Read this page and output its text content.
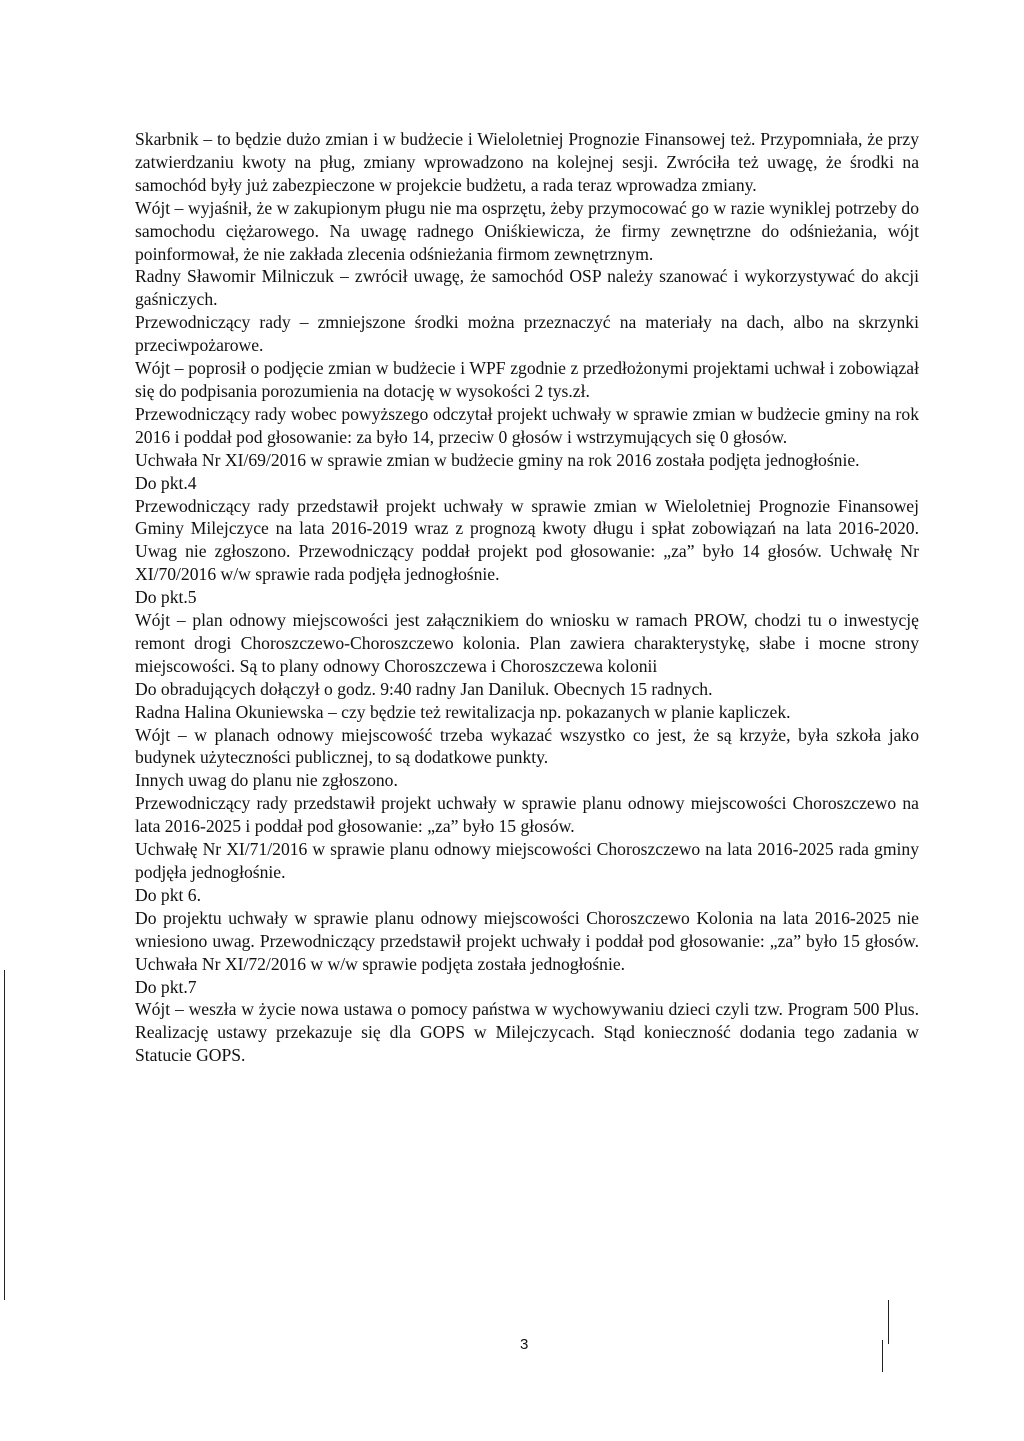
Skarbnik – to będzie dużo zmian i w budżecie i Wieloletniej Prognozie Finansowej też. Przypomniała, że przy zatwierdzaniu kwoty na pług, zmiany wprowadzono na kolejnej sesji. Zwróciła też uwagę, że środki na samochód były już zabezpieczone w projekcie budżetu, a rada teraz wprowadza zmiany.

Wójt – wyjaśnił, że w zakupionym pługu nie ma osprzętu, żeby przymocować go w razie wyniklej potrzeby do samochodu ciężarowego. Na uwagę radnego Oniśkiewicza, że firmy zewnętrzne do odśnieżania, wójt poinformował, że nie zakłada zlecenia odśnieżania firmom zewnętrznym.

Radny Sławomir Milniczuk – zwrócił uwagę, że samochód OSP należy szanować i wykorzystywać do akcji gaśniczych.

Przewodniczący rady – zmniejszone środki można przeznaczyć na materiały na dach, albo na skrzynki przeciwpożarowe.

Wójt – poprosił o podjęcie zmian w budżecie i WPF zgodnie z przedłożonymi projektami uchwał i zobowiązał się do podpisania porozumienia na dotację w wysokości 2 tys.zł.

Przewodniczący rady wobec powyższego odczytał projekt uchwały w sprawie zmian w budżecie gminy na rok 2016 i poddał pod głosowanie: za było 14, przeciw 0 głosów i wstrzymujących się 0 głosów.

Uchwała Nr XI/69/2016 w sprawie zmian w budżecie gminy na rok 2016 została podjęta jednogłośnie.

Do pkt.4

Przewodniczący rady przedstawił projekt uchwały w sprawie zmian w Wieloletniej Prognozie Finansowej Gminy Milejczyce na lata 2016-2019 wraz z prognozą kwoty długu i spłat zobowiązań na lata 2016-2020. Uwag nie zgłoszono. Przewodniczący poddał projekt pod głosowanie: „za” było 14 głosów. Uchwałę Nr XI/70/2016 w/w sprawie rada podjęła jednogłośnie.

Do pkt.5

Wójt – plan odnowy miejscowości jest załącznikiem do wniosku w ramach PROW, chodzi tu o inwestycję remont drogi Choroszczewo-Choroszczewo kolonia. Plan zawiera charakterystykę, słabe i mocne strony miejscowości. Są to plany odnowy Choroszczewa i Choroszczewa kolonii

Do obradujących dołączył o godz. 9:40 radny Jan Daniluk. Obecnych 15 radnych.

Radna Halina Okuniewska – czy będzie też rewitalizacja np. pokazanych w planie kapliczek.

Wójt – w planach odnowy miejscowość trzeba wykazać wszystko co jest, że są krzyże, była szkoła jako budynek użyteczności publicznej, to są dodatkowe punkty.

Innych uwag do planu nie zgłoszono.

Przewodniczący rady przedstawił projekt uchwały w sprawie planu odnowy miejscowości Choroszczewo na lata 2016-2025 i poddał pod głosowanie: „za” było 15 głosów.

Uchwałę Nr XI/71/2016 w sprawie planu odnowy miejscowości Choroszczewo na lata 2016-2025 rada gminy podjęła jednogłośnie.

Do pkt 6.

Do projektu uchwały w sprawie planu odnowy miejscowości Choroszczewo Kolonia na lata 2016-2025 nie wniesiono uwag. Przewodniczący przedstawił projekt uchwały i poddał pod głosowanie: „za” było 15 głosów. Uchwała Nr XI/72/2016 w w/w sprawie podjęta została jednogłośnie.

Do pkt.7

Wójt – weszła w życie nowa ustawa o pomocy państwa w wychowywaniu dzieci czyli tzw. Program 500 Plus. Realizację ustawy przekazuje się dla GOPS w Milejczycach. Stąd konieczność dodania tego zadania w Statucie GOPS.

3
